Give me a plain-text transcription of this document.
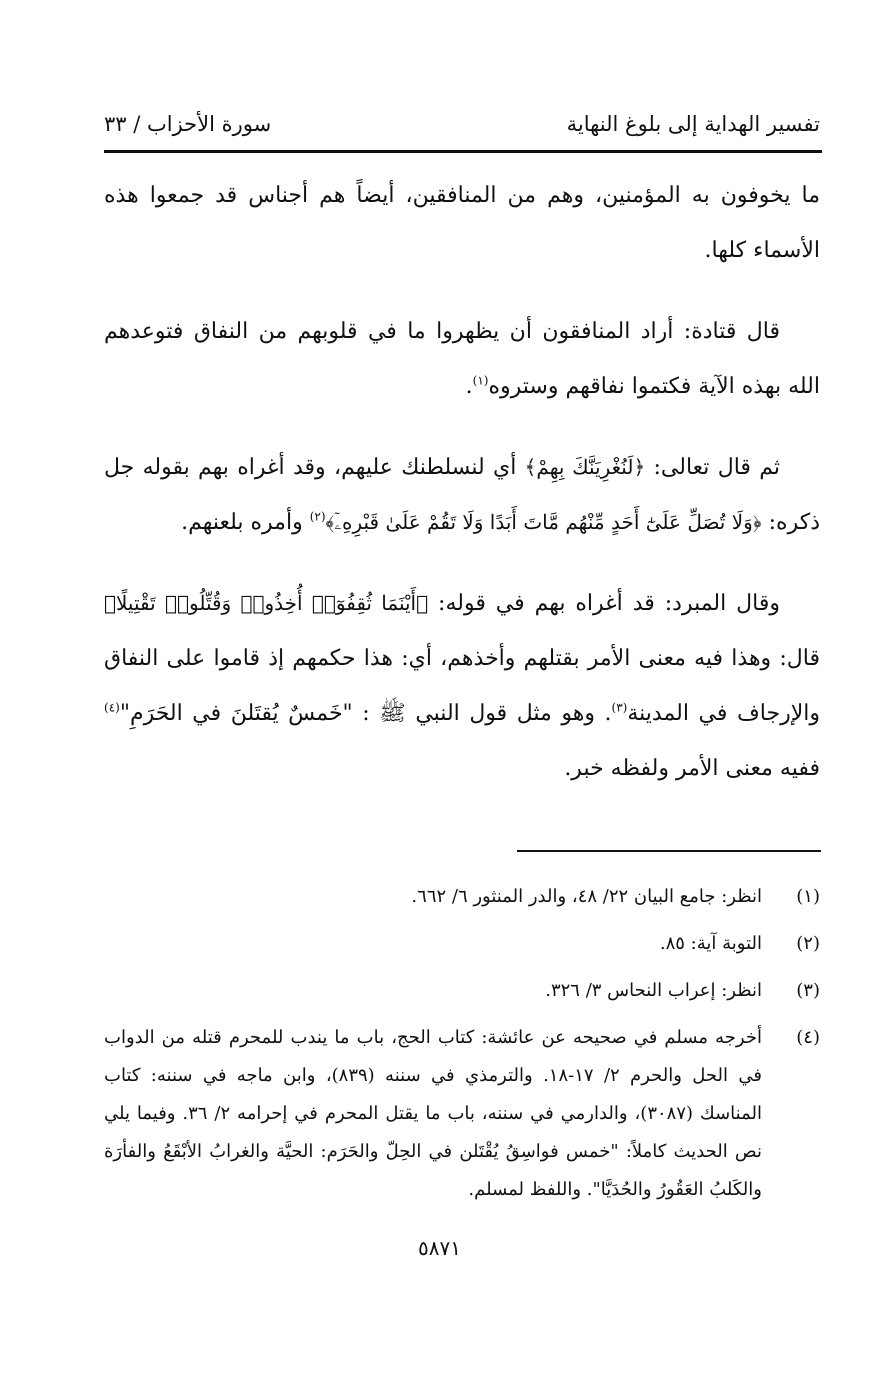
تفسير الهداية إلى بلوغ النهاية
سورة الأحزاب / ٣٣

ما يخوفون به المؤمنين، وهم من المنافقين، أيضاً هم أجناس قد جمعوا هذه الأسماء كلها.

قال قتادة: أراد المنافقون أن يظهروا ما في قلوبهم من النفاق فتوعدهم الله بهذه الآية فكتموا نفاقهم وستروه$^{(١)}$.

ثم قال تعالى: ﴿لَنُغْرِيَنَّكَ بِهِمْ﴾ أي لنسلطنك عليهم، وقد أغراه بهم بقوله جل ذكره: ﴿وَلَا تُصَلِّ عَلَىٰٓ أَحَدٍ مِّنْهُم مَّاتَ أَبَدًا وَلَا تَقُمْ عَلَىٰ قَبْرِهِۦٓ﴾$^{(٢)}$ وأمره بلعنهم.

وقال المبرد: قد أغراه بهم في قوله: ﴿أَيْنَمَا ثُقِفُوٓا۟ أُخِذُوا۟ وَقُتِّلُوا۟ تَقْتِيلًا﴾ قال: وهذا فيه معنى الأمر بقتلهم وأخذهم، أي: هذا حكمهم إذ قاموا على النفاق والإرجاف في المدينة$^{(٣)}$. وهو مثل قول النبي ﷺ : "خَمسٌ يُقتَلنَ في الحَرَمِ"$^{(٤)}$ ففيه معنى الأمر ولفظه خبر.

(١)
انظر: جامع البيان ٢٢/ ٤٨، والدر المنثور ٦/ ٦٦٢.
(٢)
التوبة آية: ٨٥.
(٣)
انظر: إعراب النحاس ٣/ ٣٢٦.
(٤)
أخرجه مسلم في صحيحه عن عائشة: كتاب الحج، باب ما يندب للمحرم قتله من الدواب في الحل والحرم ٢/ ١٧-١٨. والترمذي في سننه (٨٣٩)، وابن ماجه في سننه: كتاب المناسك (٣٠٨٧)، والدارمي في سننه، باب ما يقتل المحرم في إحرامه ٢/ ٣٦. وفيما يلي نص الحديث كاملاً: "خمس فواسِقُ يُقْتَلن في الحِلّ والحَرَم: الحيَّة والغرابُ الأبْقَعُ والفأرَة والكَلبُ العَقُورُ والحُدَيَّا". واللفظ لمسلم.
٥٨٧١
